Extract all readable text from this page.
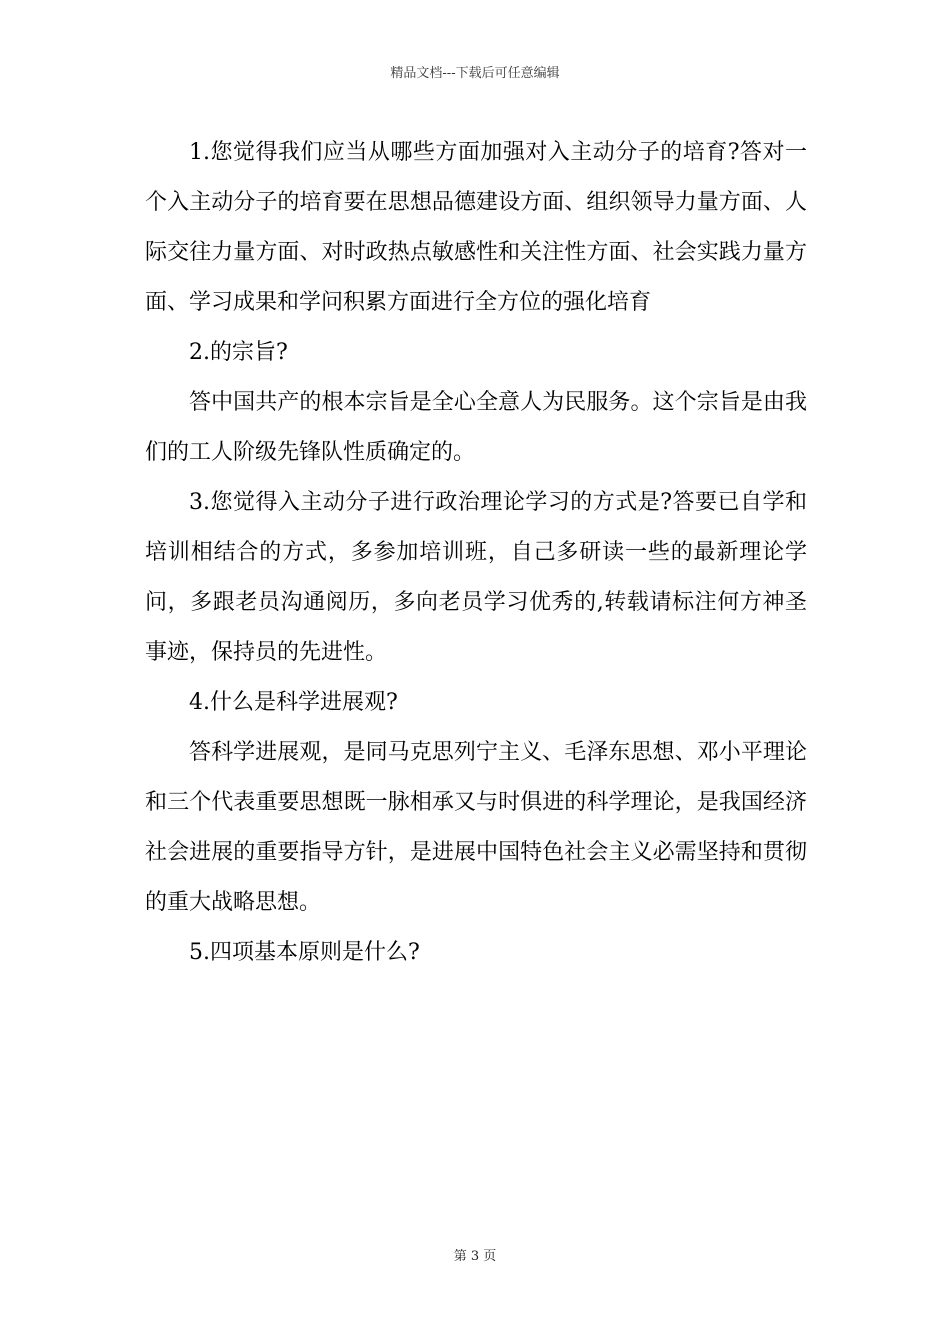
精品文档---下载后可任意编辑

1.您觉得我们应当从哪些方面加强对入主动分子的培育?答对一个入主动分子的培育要在思想品德建设方面、组织领导力量方面、人际交往力量方面、对时政热点敏感性和关注性方面、社会实践力量方面、学习成果和学问积累方面进行全方位的强化培育

2.的宗旨?

答中国共产的根本宗旨是全心全意人为民服务。这个宗旨是由我们的工人阶级先锋队性质确定的。

3.您觉得入主动分子进行政治理论学习的方式是?答要已自学和培训相结合的方式，多参加培训班，自己多研读一些的最新理论学问，多跟老员沟通阅历，多向老员学习优秀的,转载请标注何方神圣事迹，保持员的先进性。

4.什么是科学进展观?

答科学进展观，是同马克思列宁主义、毛泽东思想、邓小平理论和三个代表重要思想既一脉相承又与时俱进的科学理论，是我国经济社会进展的重要指导方针，是进展中国特色社会主义必需坚持和贯彻的重大战略思想。

5.四项基本原则是什么?

第 3 页
